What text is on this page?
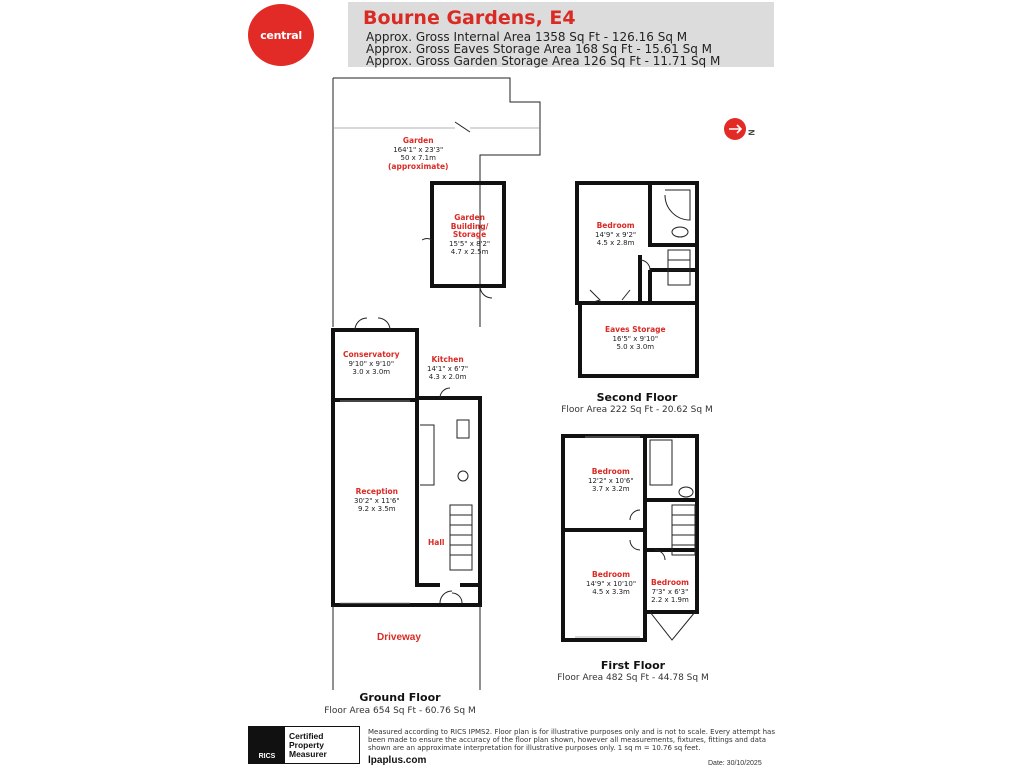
central
Bourne Gardens, E4
Approx. Gross Internal Area 1358 Sq Ft - 126.16 Sq M
Approx. Gross Eaves Storage Area 168 Sq Ft - 15.61 Sq M
Approx. Gross Garden Storage Area 126 Sq Ft - 11.71 Sq M
N
Garden
164'1" x 23'3"
50 x 7.1m
(approximate)
Garden
Building/
Storage
15'5" x 8'2"
4.7 x 2.5m
Conservatory
9'10" x 9'10"
3.0 x 3.0m
Kitchen
14'1" x 6'7"
4.3 x 2.0m
Reception
30'2" x 11'6"
9.2 x 3.5m
Hall
Driveway
Ground Floor
Floor Area 654 Sq Ft - 60.76 Sq M
Bedroom
14'9" x 9'2"
4.5 x 2.8m
Eaves Storage
16'5" x 9'10"
5.0 x 3.0m
Second Floor
Floor Area 222 Sq Ft - 20.62 Sq M
Bedroom
12'2" x 10'6"
3.7 x 3.2m
Bedroom
14'9" x 10'10"
4.5 x 3.3m
Bedroom
7'3" x 6'3"
2.2 x 1.9m
First Floor
Floor Area 482 Sq Ft - 44.78 Sq M
RICS
Certified
Property
Measurer
Measured according to RICS IPMS2. Floor plan is for illustrative purposes only and is not to scale. Every attempt has been made to ensure the accuracy of the floor plan shown, however all measurements, fixtures, fittings and data shown are an approximate interpretation for illustrative purposes only. 1 sq m = 10.76 sq feet.
lpaplus.com	Date: 30/10/2025
